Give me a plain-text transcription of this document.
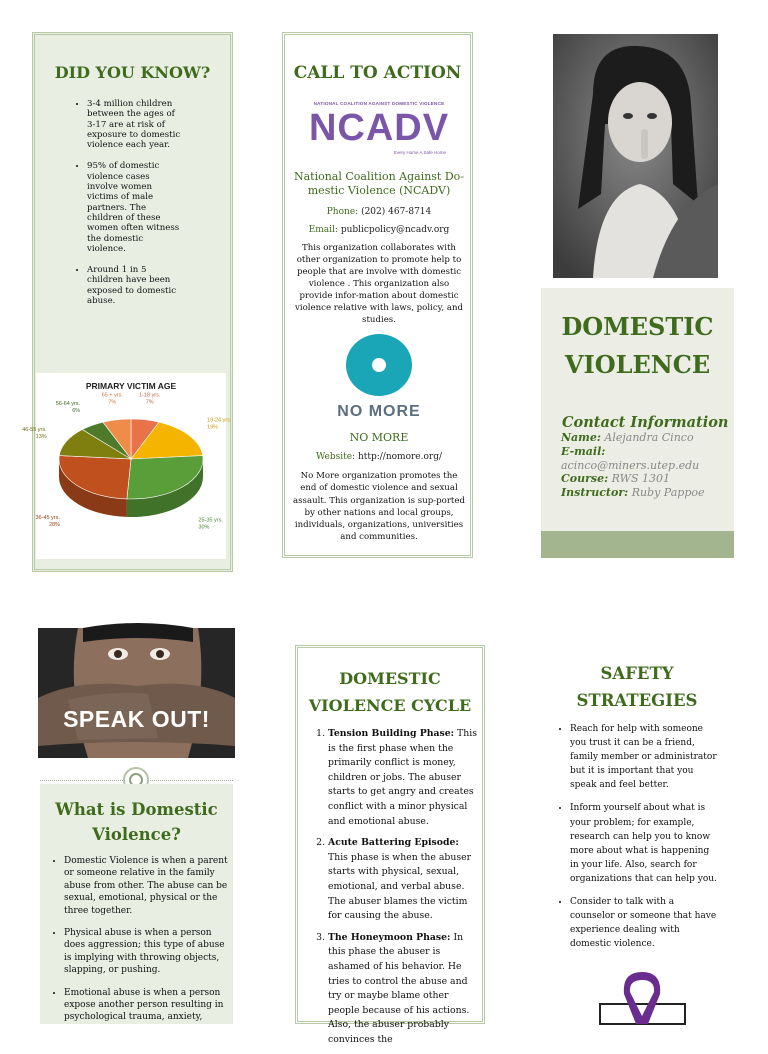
DID YOU KNOW?
• 3-4 million children between the ages of 3-17 are at risk of exposure to domestic violence each year.
• 95% of domestic violence cases involve women victims of male partners. The children of these women often witness the domestic violence.
• Around 1 in 5 children have been exposed to domestic abuse.
PRIMARY VICTIM AGE
1-18 yrs.
7%
19-24 yrs.
19%
25-35 yrs.
30%
36-45 yrs.
28%
46-55 yrs.
13%
56-64 yrs.
6%
65 + yrs.
7%
CALL TO ACTION
NATIONAL COALITION AGAINST DOMESTIC VIOLENCE
NCADV
Every Home A Safe Home
National Coalition Against Do-
mestic Violence (NCADV)
Phone: (202) 467-8714
Email: publicpolicy@ncadv.org
This organization collaborates with other organization to promote help to people that are involve with domestic violence . This organization also provide infor-mation about domestic violence relative with laws, policy, and studies.
NO MORE
NO MORE
Website: http://nomore.org/
No More organization promotes the end of domestic violence and sexual assault. This organization is sup-ported by other nations and local groups, individuals, organizations, universities and communities.
DOMESTIC
VIOLENCE
Contact Information
Name: Alejandra Cinco
E-mail:
acinco@miners.utep.edu
Course: RWS 1301
Instructor: Ruby Pappoe
SPEAK OUT!
What is Domestic
Violence?
• Domestic Violence is when a parent or someone relative in the family abuse from other. The abuse can be sexual, emotional, physical or the three together.
• Physical abuse is when a person does aggression; this type of abuse is implying with throwing objects, slapping, or pushing.
• Emotional abuse is when a person expose another person resulting in psychological trauma, anxiety,
DOMESTIC
VIOLENCE CYCLE
1. Tension Building Phase: This is the first phase when the primarily conflict is money, children or jobs. The abuser starts to get angry and creates conflict with a minor physical and emotional abuse.
2. Acute Battering Episode: This phase is when the abuser starts with physical, sexual, emotional, and verbal abuse. The abuser blames the victim for causing the abuse.
3. The Honeymoon Phase: In this phase the abuser is ashamed of his behavior. He tries to control the abuse and try or maybe blame other people because of his actions. Also, the abuser probably convinces the
SAFETY
STRATEGIES
• Reach for help with someone you trust it can be a friend, family member or administrator but it is important that you speak and feel better.
• Inform yourself about what is your problem; for example, research can help you to know more about what is happening in your life. Also, search for organizations that can help you.
• Consider to talk with a counselor or someone that have experience dealing with domestic violence.
